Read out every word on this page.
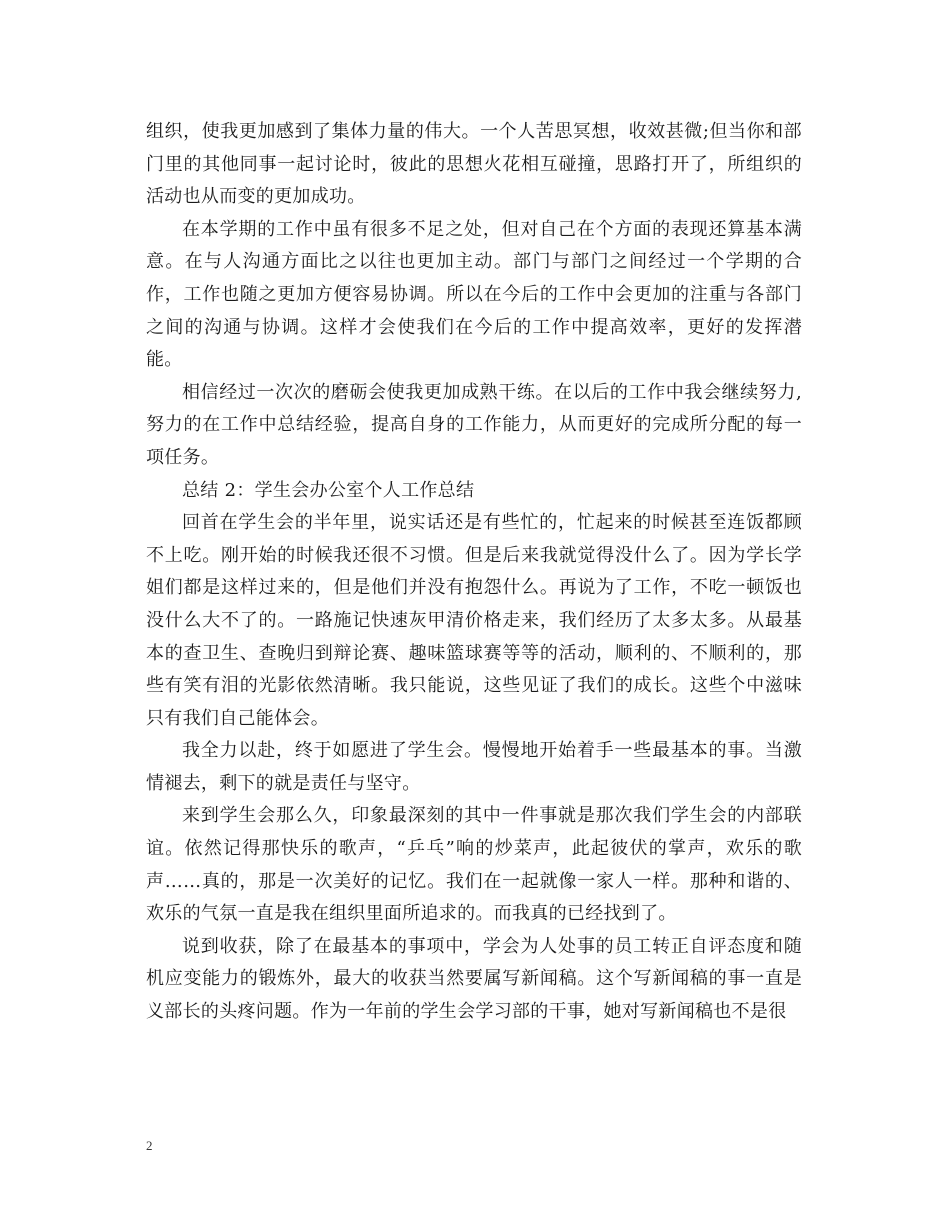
组织，使我更加感到了集体力量的伟大。一个人苦思冥想，收效甚微;但当你和部门里的其他同事一起讨论时，彼此的思想火花相互碰撞，思路打开了，所组织的活动也从而变的更加成功。

在本学期的工作中虽有很多不足之处，但对自己在个方面的表现还算基本满意。在与人沟通方面比之以往也更加主动。部门与部门之间经过一个学期的合作，工作也随之更加方便容易协调。所以在今后的工作中会更加的注重与各部门之间的沟通与协调。这样才会使我们在今后的工作中提高效率，更好的发挥潜能。

相信经过一次次的磨砺会使我更加成熟干练。在以后的工作中我会继续努力,努力的在工作中总结经验，提高自身的工作能力，从而更好的完成所分配的每一项任务。

总结 2：学生会办公室个人工作总结

回首在学生会的半年里，说实话还是有些忙的，忙起来的时候甚至连饭都顾不上吃。刚开始的时候我还很不习惯。但是后来我就觉得没什么了。因为学长学姐们都是这样过来的，但是他们并没有抱怨什么。再说为了工作，不吃一顿饭也没什么大不了的。一路施记快速灰甲清价格走来，我们经历了太多太多。从最基本的查卫生、查晚归到辩论赛、趣味篮球赛等等的活动，顺利的、不顺利的，那些有笑有泪的光影依然清晰。我只能说，这些见证了我们的成长。这些个中滋味只有我们自己能体会。

我全力以赴，终于如愿进了学生会。慢慢地开始着手一些最基本的事。当激情褪去，剩下的就是责任与坚守。

来到学生会那么久，印象最深刻的其中一件事就是那次我们学生会的内部联谊。依然记得那快乐的歌声，“乒乓”响的炒菜声，此起彼伏的掌声，欢乐的歌声……真的，那是一次美好的记忆。我们在一起就像一家人一样。那种和谐的、欢乐的气氛一直是我在组织里面所追求的。而我真的已经找到了。

说到收获，除了在最基本的事项中，学会为人处事的员工转正自评态度和随机应变能力的锻炼外，最大的收获当然要属写新闻稿。这个写新闻稿的事一直是义部长的头疼问题。作为一年前的学生会学习部的干事，她对写新闻稿也不是很

2
